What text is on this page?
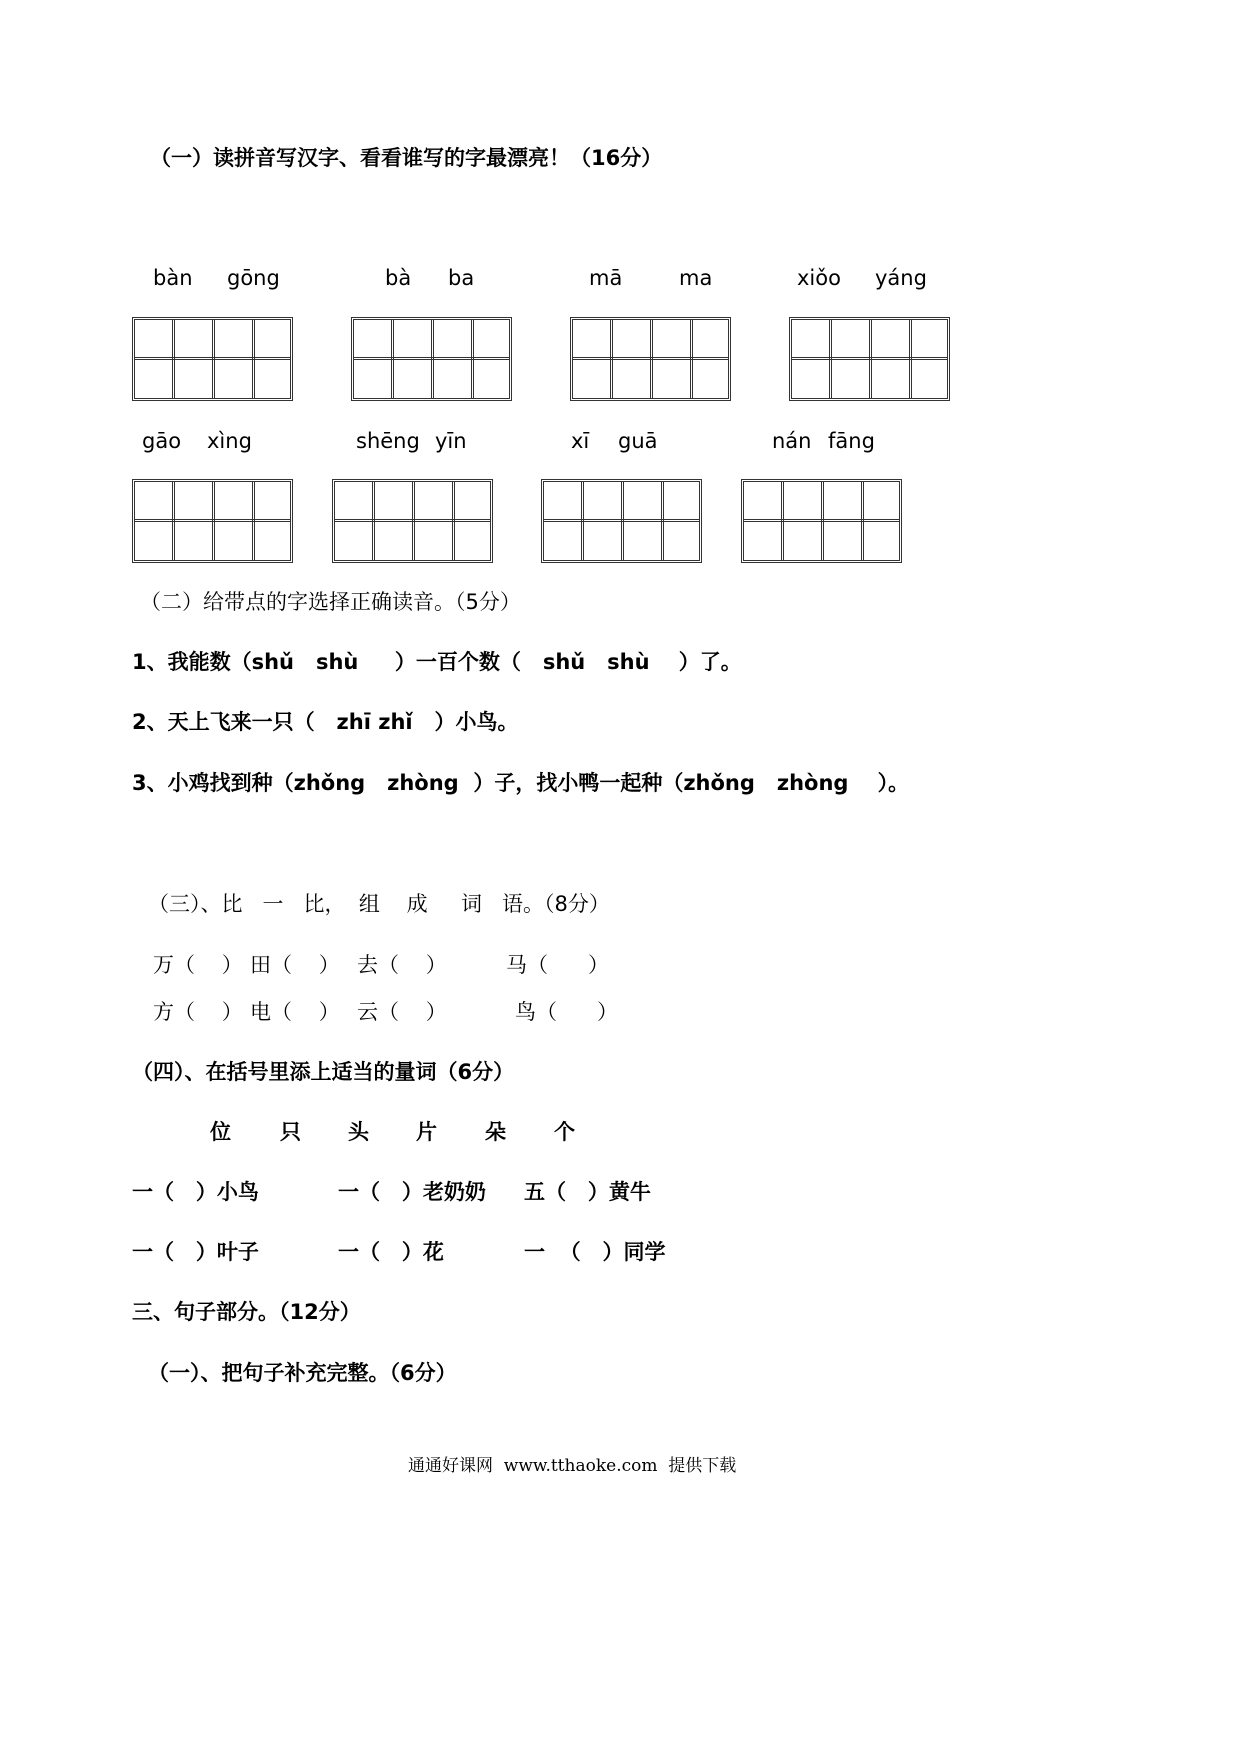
（一）读拼音写汉字、看看谁写的字最漂亮！（16分）
bàn gōng	bà ba	mā	ma	xiǒo yáng
gāo xìng	shēng yīn	xī guā	nán fāng
（二）给带点的字选择正确读音。（5分）
1、我能数（shǔ   shù     ）一百个数（   shǔ   shù    ）了。
2、天上飞来一只（   zhī zhǐ   ）小鸟。
3、小鸡找到种（zhǒng   zhòng  ）子，找小鸭一起种（zhǒng   zhòng    ）。
（三）、比   一   比，  组    成     词   语。（8分）
万（    ） 田（    ） 去（    ）	马（      ）
方（    ） 电（    ） 云（    ）	鸟（      ）
（四）、在括号里添上适当的量词（6分）
位 只 头 片 朵 个
一（   ）小鸟	一（   ）老奶奶 五（   ）黄牛
一（   ）叶子	一（   ）花	一  （   ）同学
三、句子部分。（12分）
（一）、把句子补充完整。（6分）
通通好课网  www.tthaoke.com  提供下载
